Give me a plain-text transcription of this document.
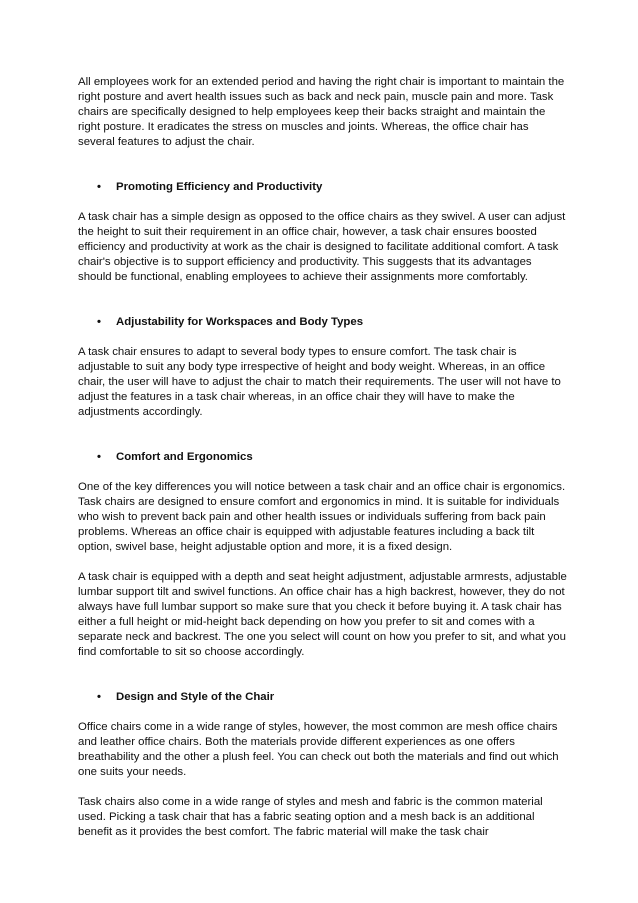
All employees work for an extended period and having the right chair is important to maintain the right posture and avert health issues such as back and neck pain, muscle pain and more. Task chairs are specifically designed to help employees keep their backs straight and maintain the right posture. It eradicates the stress on muscles and joints. Whereas, the office chair has several features to adjust the chair.

• Promoting Efficiency and Productivity

A task chair has a simple design as opposed to the office chairs as they swivel. A user can adjust the height to suit their requirement in an office chair, however, a task chair ensures boosted efficiency and productivity at work as the chair is designed to facilitate additional comfort. A task chair's objective is to support efficiency and productivity. This suggests that its advantages should be functional, enabling employees to achieve their assignments more comfortably.

• Adjustability for Workspaces and Body Types

A task chair ensures to adapt to several body types to ensure comfort. The task chair is adjustable to suit any body type irrespective of height and body weight. Whereas, in an office chair, the user will have to adjust the chair to match their requirements. The user will not have to adjust the features in a task chair whereas, in an office chair they will have to make the adjustments accordingly.

• Comfort and Ergonomics

One of the key differences you will notice between a task chair and an office chair is ergonomics. Task chairs are designed to ensure comfort and ergonomics in mind. It is suitable for individuals who wish to prevent back pain and other health issues or individuals suffering from back pain problems. Whereas an office chair is equipped with adjustable features including a back tilt option, swivel base, height adjustable option and more, it is a fixed design.

A task chair is equipped with a depth and seat height adjustment, adjustable armrests, adjustable lumbar support tilt and swivel functions. An office chair has a high backrest, however, they do not always have full lumbar support so make sure that you check it before buying it. A task chair has either a full height or mid-height back depending on how you prefer to sit and comes with a separate neck and backrest. The one you select will count on how you prefer to sit, and what you find comfortable to sit so choose accordingly.

• Design and Style of the Chair

Office chairs come in a wide range of styles, however, the most common are mesh office chairs and leather office chairs. Both the materials provide different experiences as one offers breathability and the other a plush feel. You can check out both the materials and find out which one suits your needs.

Task chairs also come in a wide range of styles and mesh and fabric is the common material used. Picking a task chair that has a fabric seating option and a mesh back is an additional benefit as it provides the best comfort. The fabric material will make the task chair
